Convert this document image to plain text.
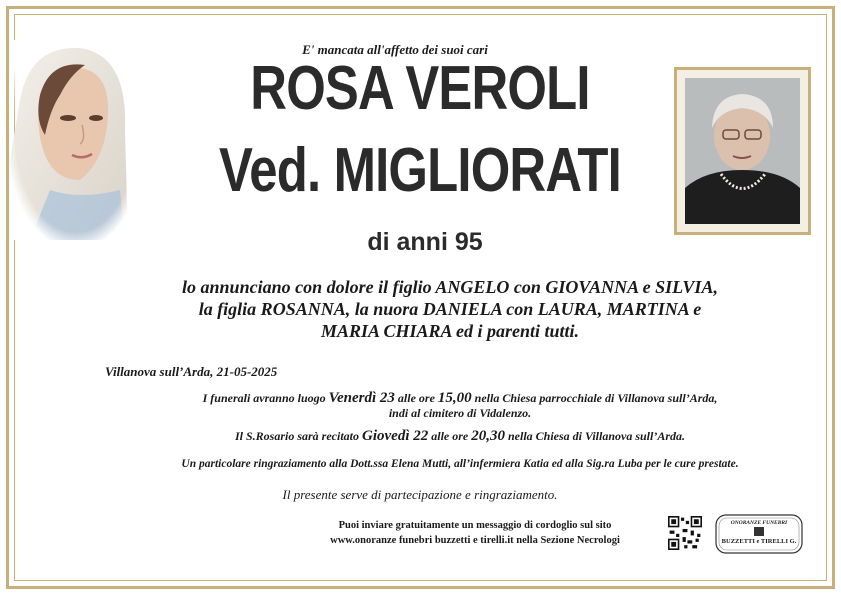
E' mancata all'affetto dei suoi cari
ROSA VEROLI
Ved. MIGLIORATI
di anni 95
lo annunciano con dolore il figlio ANGELO con GIOVANNA e SILVIA,
la figlia ROSANNA, la nuora DANIELA con LAURA, MARTINA e
MARIA CHIARA ed i parenti tutti.
Villanova sull’Arda, 21-05-2025
I funerali avranno luogo Venerdì 23 alle ore 15,00 nella Chiesa parrocchiale di Villanova sull’Arda,
indi al cimitero di Vidalenzo.
Il S.Rosario sarà recitato Giovedì 22 alle ore 20,30 nella Chiesa di Villanova sull’Arda.
Un particolare ringraziamento alla Dott.ssa Elena Mutti, all’infermiera Katia ed alla Sig.ra Luba per le cure prestate.
Il presente serve di partecipazione e ringraziamento.
Puoi inviare gratuitamente un messaggio di cordoglio sul sito
www.onoranze funebri buzzetti e tirelli.it nella Sezione Necrologi
ONORANZE FUNEBRI
BUZZETTI e TIRELLI G.
